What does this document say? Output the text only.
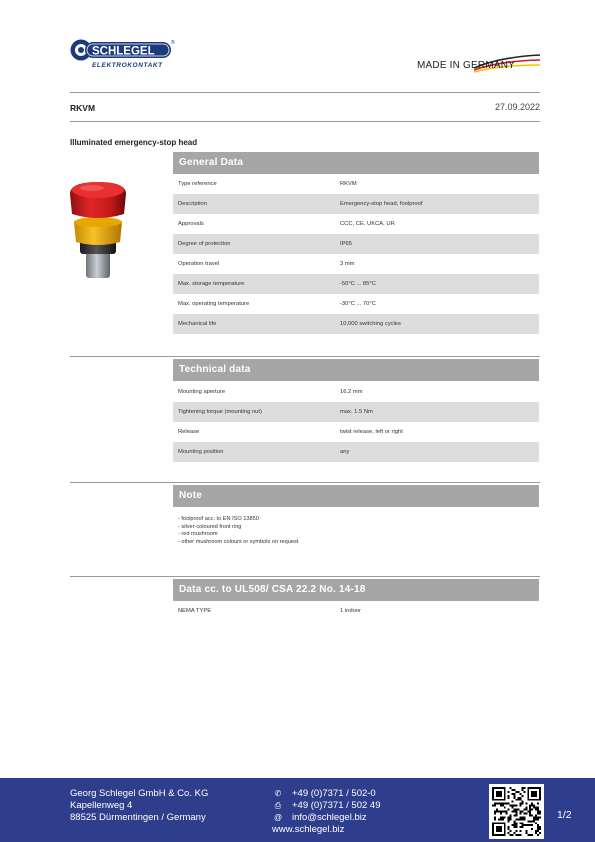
SCHLEGEL
®
ELEKTROKONTAKT	MADE IN GERMANY
RKVM	27.09.2022
Illuminated emergency-stop head
General Data
Type reference	RKVM
Description	Emergency-stop head, foolproof
Approvals	CCC, CE, UKCA, UR
Degree of protection	IP65
Operation travel	3 mm
Max. storage temperature	-50°C ... 85°C
Max. operating temperature	-30°C ... 70°C
Mechanical life	10,000 switching cycles
Technical data
Mounting aperture	16.2 mm
Tightening torque (mounting nut)	max. 1.5 Nm
Release	twist release, left or right
Mounting position	any
Note
- foolproof acc. to EN ISO 13850
- silver-coloured front ring
- red mushroom
- other mushroom colours or symbols on request
Data cc. to UL508/ CSA 22.2 No. 14-18
NEMA TYPE	1 indoor
Georg Schlegel GmbH & Co. KG
Kapellenweg 4
88525 Dürmentingen / Germany
✆ +49 (0)7371 / 502-0
⎙ +49 (0)7371 / 502 49
@ info@schlegel.biz
www.schlegel.biz
1/2
